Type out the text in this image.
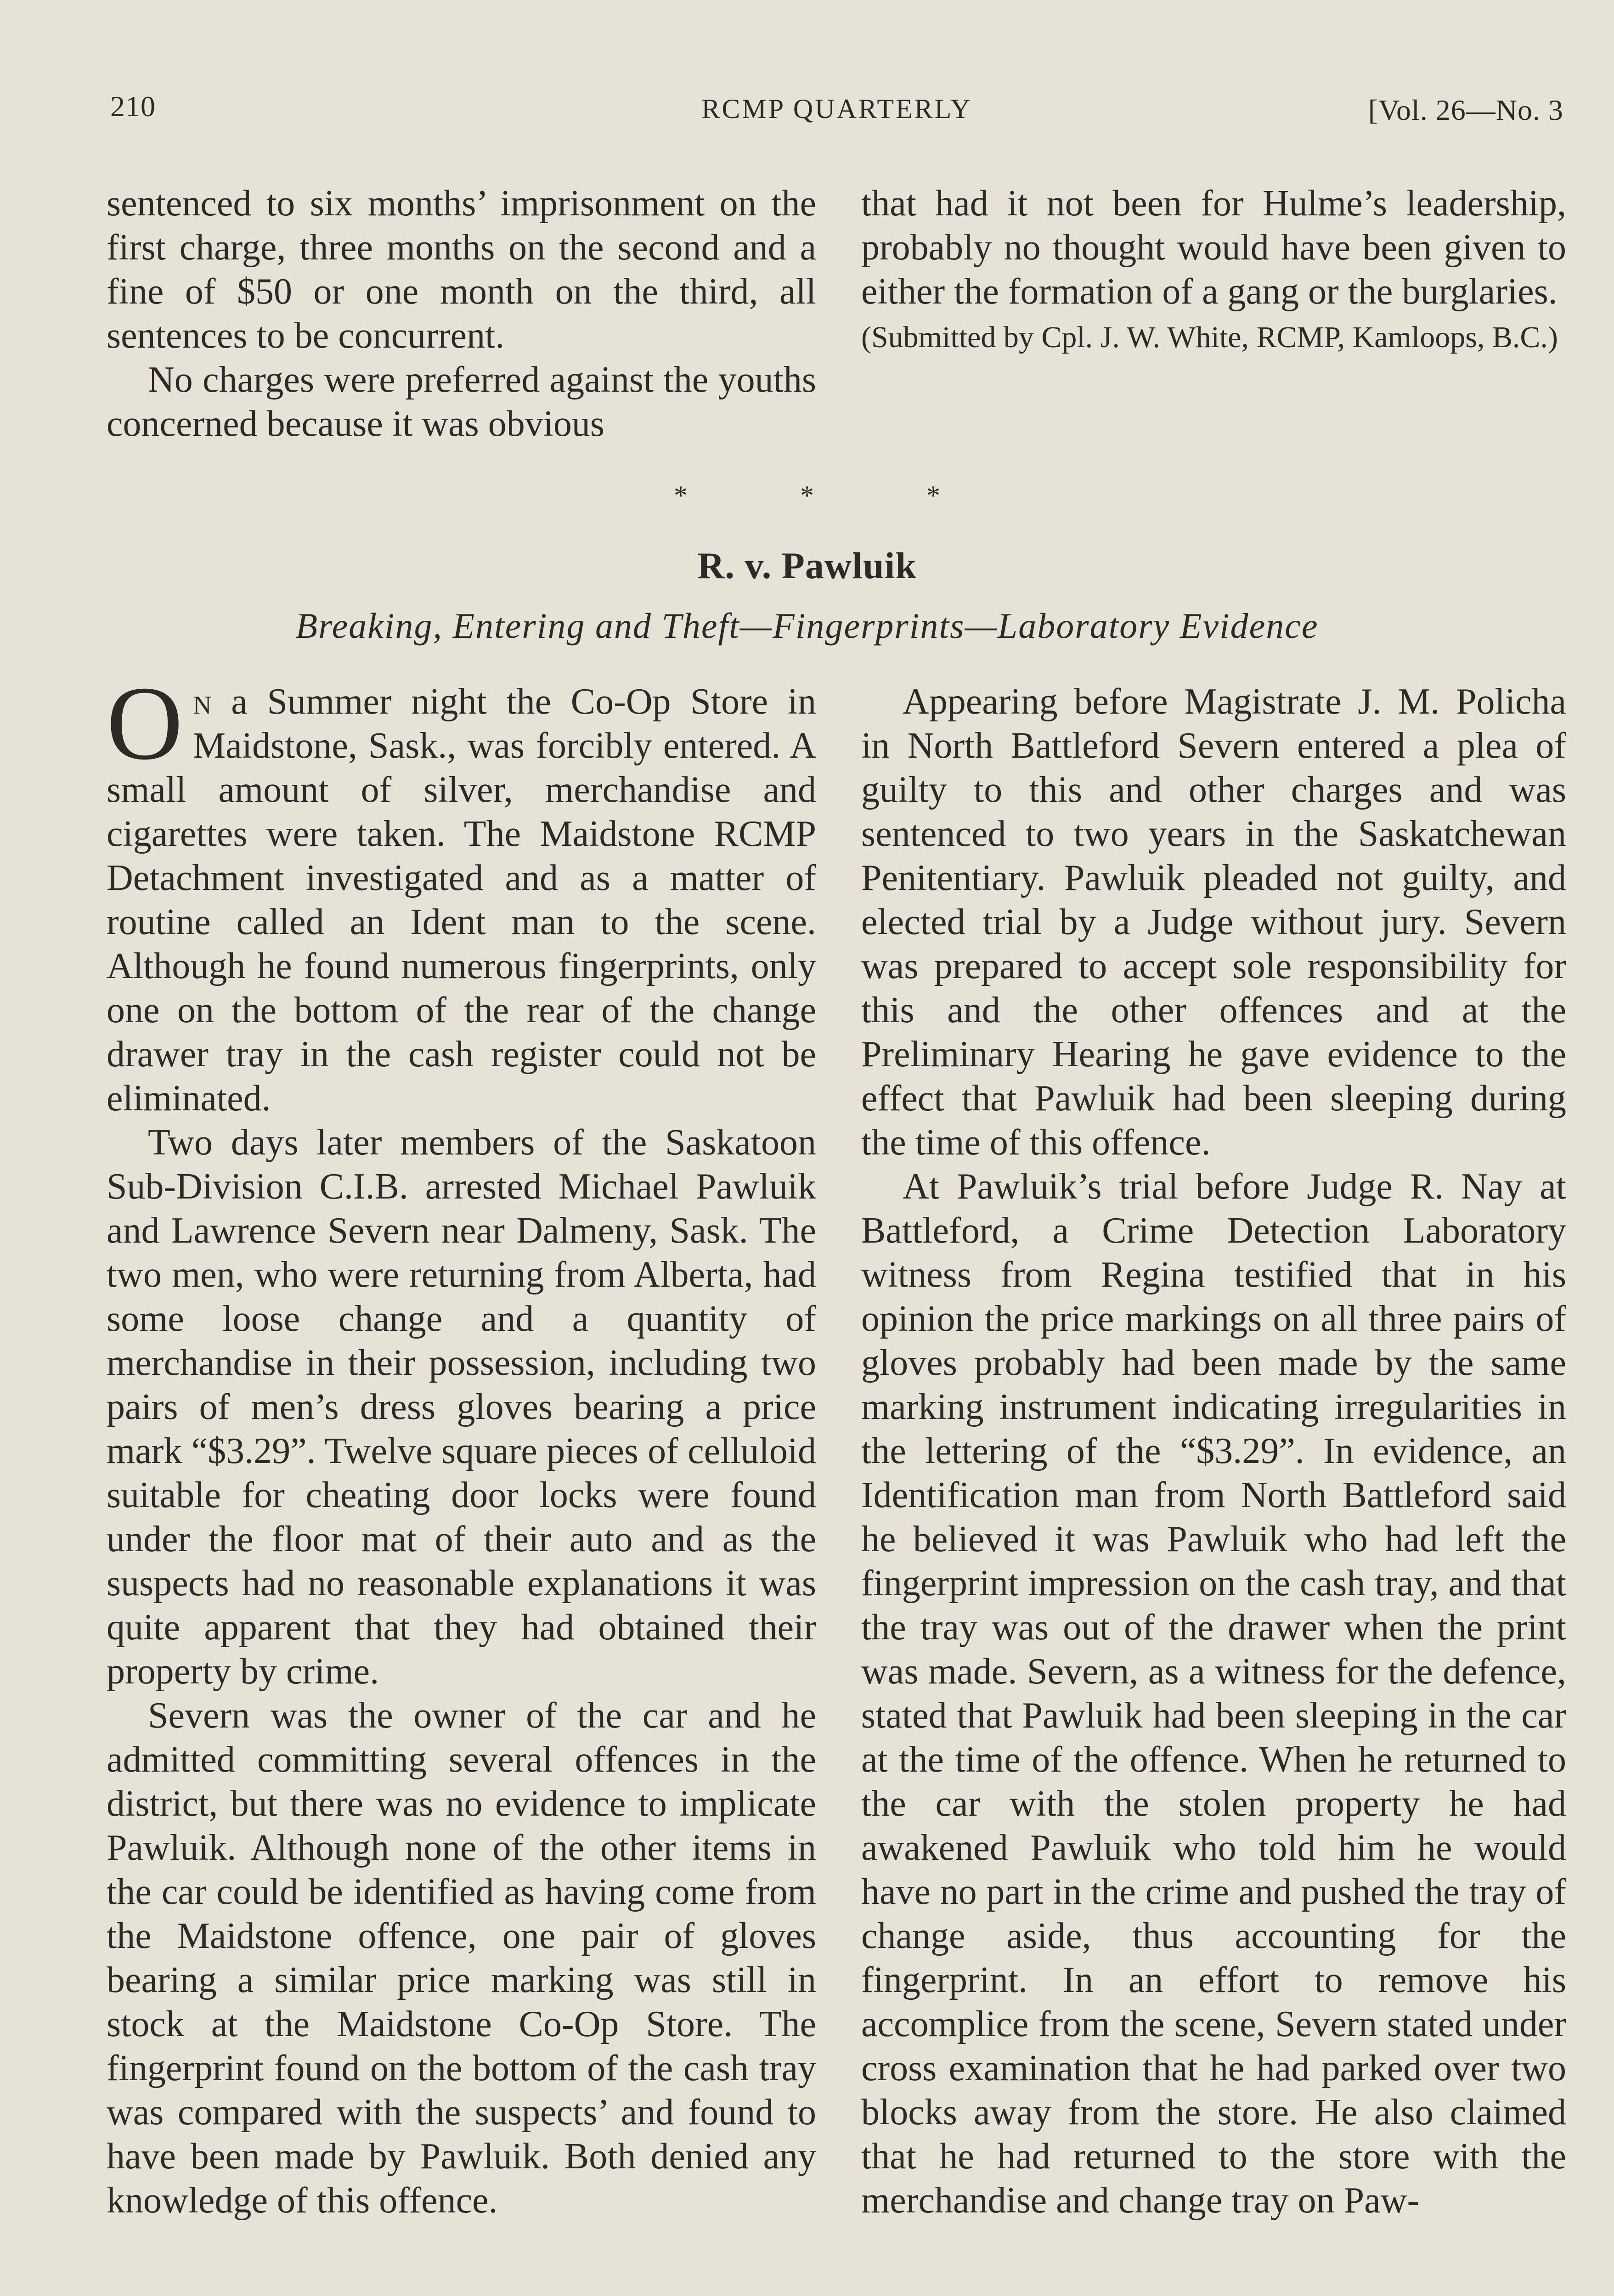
210	RCMP QUARTERLY	[Vol. 26—No. 3

sentenced to six months’ imprisonment on the first charge, three months on the second and a fine of $50 or one month on the third, all sentences to be concurrent.

No charges were preferred against the youths concerned because it was obvious

that had it not been for Hulme’s leadership, probably no thought would have been given to either the formation of a gang or the burglaries.

(Submitted by Cpl. J. W. White, RCMP, Kamloops, B.C.)

* * *
R. v. Pawluik
Breaking, Entering and Theft—Fingerprints—Laboratory Evidence

On a Summer night the Co-Op Store in Maidstone, Sask., was forcibly entered. A small amount of silver, merchandise and cigarettes were taken. The Maidstone RCMP Detachment investigated and as a matter of routine called an Ident man to the scene. Although he found numerous fingerprints, only one on the bottom of the rear of the change drawer tray in the cash register could not be eliminated.

Two days later members of the Saskatoon Sub-Division C.I.B. arrested Michael Pawluik and Lawrence Severn near Dalmeny, Sask. The two men, who were returning from Alberta, had some loose change and a quantity of merchandise in their possession, including two pairs of men’s dress gloves bearing a price mark “$3.29”. Twelve square pieces of celluloid suitable for cheating door locks were found under the floor mat of their auto and as the suspects had no reasonable explanations it was quite apparent that they had obtained their property by crime.

Severn was the owner of the car and he admitted committing several offences in the district, but there was no evidence to implicate Pawluik. Although none of the other items in the car could be identified as having come from the Maidstone offence, one pair of gloves bearing a similar price marking was still in stock at the Maidstone Co-Op Store. The fingerprint found on the bottom of the cash tray was compared with the suspects’ and found to have been made by Pawluik. Both denied any knowledge of this offence.

Appearing before Magistrate J. M. Policha in North Battleford Severn entered a plea of guilty to this and other charges and was sentenced to two years in the Saskatchewan Penitentiary. Pawluik pleaded not guilty, and elected trial by a Judge without jury. Severn was prepared to accept sole responsibility for this and the other offences and at the Preliminary Hearing he gave evidence to the effect that Pawluik had been sleeping during the time of this offence.

At Pawluik’s trial before Judge R. Nay at Battleford, a Crime Detection Laboratory witness from Regina testified that in his opinion the price markings on all three pairs of gloves probably had been made by the same marking instrument indicating irregularities in the lettering of the “$3.29”. In evidence, an Identification man from North Battleford said he believed it was Pawluik who had left the fingerprint impression on the cash tray, and that the tray was out of the drawer when the print was made. Severn, as a witness for the defence, stated that Pawluik had been sleeping in the car at the time of the offence. When he returned to the car with the stolen property he had awakened Pawluik who told him he would have no part in the crime and pushed the tray of change aside, thus accounting for the fingerprint. In an effort to remove his accomplice from the scene, Severn stated under cross examination that he had parked over two blocks away from the store. He also claimed that he had returned to the store with the merchandise and change tray on Paw-
